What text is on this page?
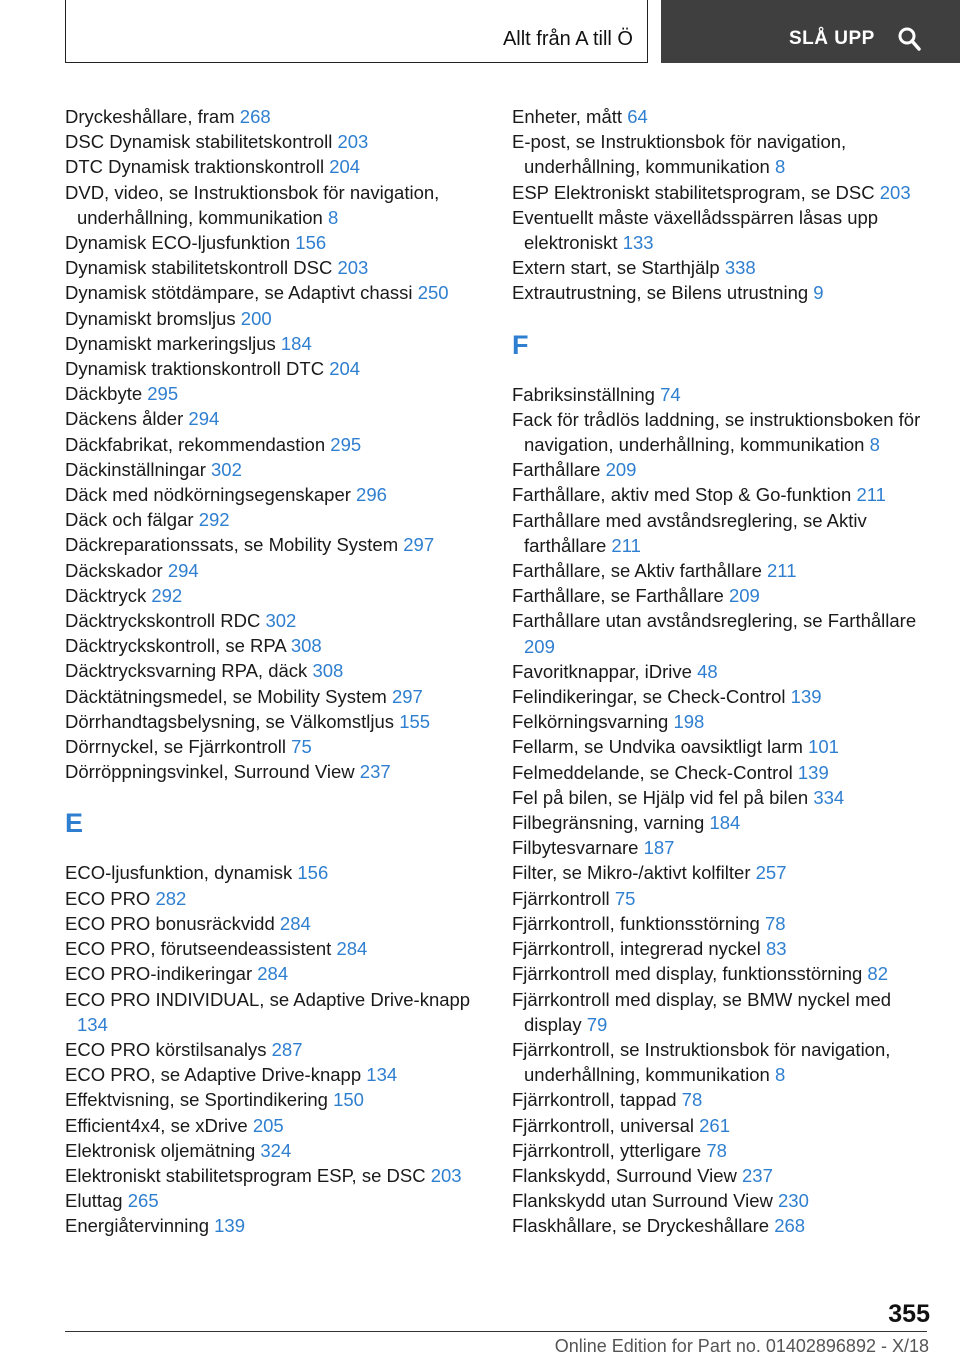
Allt från A till Ö	SLÅ UPP
Dryckeshållare, fram 268
DSC Dynamisk stabilitetskontroll 203
DTC Dynamisk traktionskontroll 204
DVD, video, se Instruktionsbok för navigation, underhållning, kommunikation 8
Dynamisk ECO-ljusfunktion 156
Dynamisk stabilitetskontroll DSC 203
Dynamisk stötdämpare, se Adaptivt chassi 250
Dynamiskt bromsljus 200
Dynamiskt markeringsljus 184
Dynamisk traktionskontroll DTC 204
Däckbyte 295
Däckens ålder 294
Däckfabrikat, rekommendastion 295
Däckinställningar 302
Däck med nödkörningsegenskaper 296
Däck och fälgar 292
Däckreparationssats, se Mobility System 297
Däckskador 294
Däcktryck 292
Däcktryckskontroll RDC 302
Däcktryckskontroll, se RPA 308
Däcktrycksvarning RPA, däck 308
Däcktätningsmedel, se Mobility System 297
Dörrhandtagsbelysning, se Välkomstljus 155
Dörrnyckel, se Fjärrkontroll 75
Dörröppningsvinkel, Surround View 237
E
ECO-ljusfunktion, dynamisk 156
ECO PRO 282
ECO PRO bonusräckvidd 284
ECO PRO, förutseendeassistent 284
ECO PRO-indikeringar 284
ECO PRO INDIVIDUAL, se Adaptive Drive-knapp 134
ECO PRO körstilsanalys 287
ECO PRO, se Adaptive Drive-knapp 134
Effektvisning, se Sportindikering 150
Efficient4x4, se xDrive 205
Elektronisk oljemätning 324
Elektroniskt stabilitetsprogram ESP, se DSC 203
Eluttag 265
Energiåtervinning 139
Enheter, mått 64
E-post, se Instruktionsbok för navigation, underhållning, kommunikation 8
ESP Elektroniskt stabilitetsprogram, se DSC 203
Eventuellt måste växellådsspärren låsas upp elektroniskt 133
Extern start, se Starthjälp 338
Extrautrustning, se Bilens utrustning 9
F
Fabriksinställning 74
Fack för trådlös laddning, se instruktionsboken för navigation, underhållning, kommunikation 8
Farthållare 209
Farthållare, aktiv med Stop & Go-funktion 211
Farthållare med avståndsreglering, se Aktiv farthållare 211
Farthållare, se Aktiv farthållare 211
Farthållare, se Farthållare 209
Farthållare utan avståndsreglering, se Farthållare 209
Favoritknappar, iDrive 48
Felindikeringar, se Check-Control 139
Felkörningsvarning 198
Fellarm, se Undvika oavsiktligt larm 101
Felmeddelande, se Check-Control 139
Fel på bilen, se Hjälp vid fel på bilen 334
Filbegränsning, varning 184
Filbytesvarnare 187
Filter, se Mikro-/aktivt kolfilter 257
Fjärrkontroll 75
Fjärrkontroll, funktionsstörning 78
Fjärrkontroll, integrerad nyckel 83
Fjärrkontroll med display, funktionsstörning 82
Fjärrkontroll med display, se BMW nyckel med display 79
Fjärrkontroll, se Instruktionsbok för navigation, underhållning, kommunikation 8
Fjärrkontroll, tappad 78
Fjärrkontroll, universal 261
Fjärrkontroll, ytterligare 78
Flankskydd, Surround View 237
Flankskydd utan Surround View 230
Flaskhållare, se Dryckeshållare 268
355
Online Edition for Part no. 01402896892 - X/18
